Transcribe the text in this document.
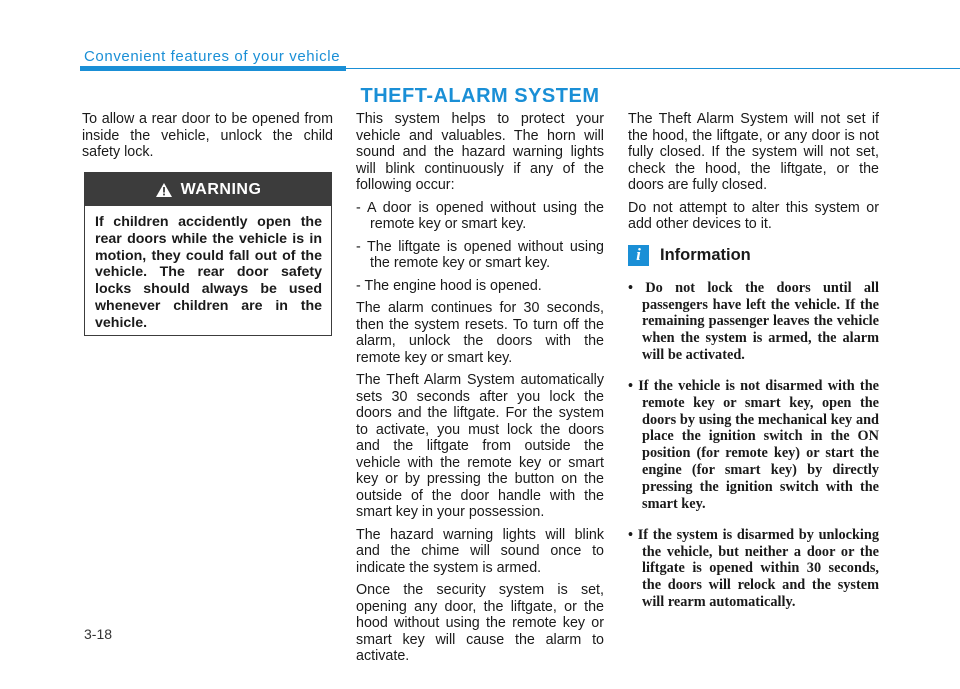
Convenient features of your vehicle

To allow a rear door to be opened from inside the vehicle, unlock the child safety lock.

WARNING
If children accidently open the rear doors while the vehicle is in motion, they could fall out of the vehicle. The rear door safety locks should always be used whenever children are in the vehicle.
THEFT-ALARM SYSTEM

This system helps to protect your vehicle and valuables. The horn will sound and the hazard warning lights will blink continuously if any of the following occur:

- A door is opened without using the remote key or smart key.

- The liftgate is opened without using the remote key or smart key.

- The engine hood is opened.

The alarm continues for 30 seconds, then the system resets. To turn off the alarm, unlock the doors with the remote key or smart key.

The Theft Alarm System automatically sets 30 seconds after you lock the doors and the liftgate. For the system to activate, you must lock the doors and the liftgate from outside the vehicle with the remote key or smart key or by pressing the button on the outside of the door handle with the smart key in your possession.

The hazard warning lights will blink and the chime will sound once to indicate the system is armed.

Once the security system is set, opening any door, the liftgate, or the hood without using the remote key or smart key will cause the alarm to activate.

The Theft Alarm System will not set if the hood, the liftgate, or any door is not fully closed. If the system will not set, check the hood, the liftgate, or the doors are fully closed.

Do not attempt to alter this system or add other devices to it.

i	Information

• Do not lock the doors until all passengers have left the vehicle. If the remaining passenger leaves the vehicle when the system is armed, the alarm will be activated.

• If the vehicle is not disarmed with the remote key or smart key, open the doors by using the mechanical key and place the ignition switch in the ON position (for remote key) or start the engine (for smart key) by directly pressing the ignition switch with the smart key.

• If the system is disarmed by unlocking the vehicle, but neither a door or the liftgate is opened within 30 seconds, the doors will relock and the system will rearm automatically.

3-18
